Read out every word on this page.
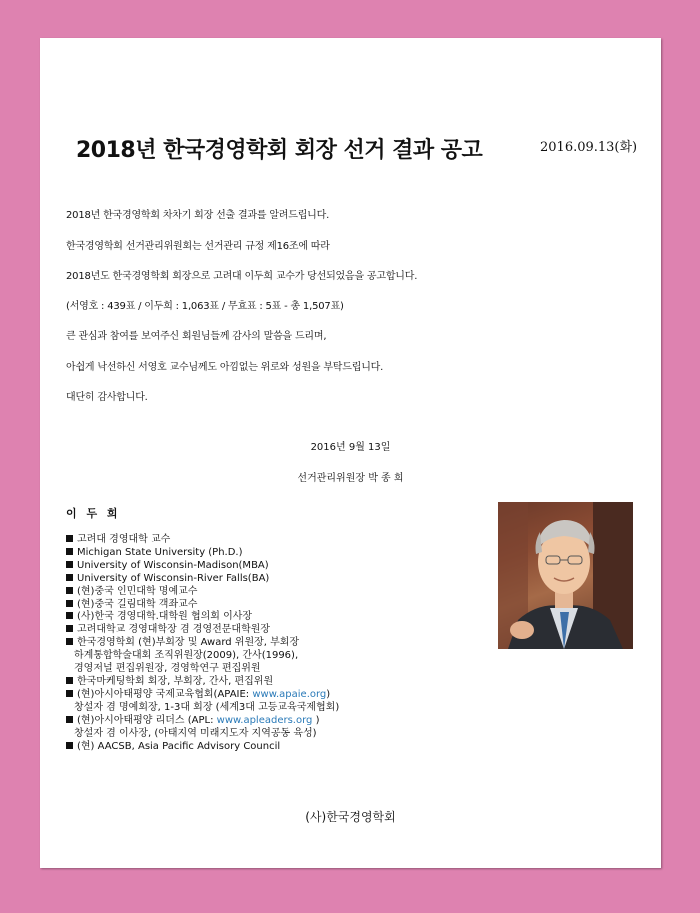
2018년 한국경영학회 회장 선거 결과 공고	2016.09.13(화)
2018년 한국경영학회 차차기 회장 선출 결과를 알려드립니다.
한국경영학회 선거관리위원회는 선거관리 규정 제16조에 따라
2018년도 한국경영학회 회장으로 고려대 이두희 교수가 당선되었음을 공고합니다.
(서영호 : 439표 / 이두희 : 1,063표 / 무효표 : 5표 - 총 1,507표)
큰 관심과 참여를 보여주신 회원님들께 감사의 말씀을 드리며,
아쉽게 낙선하신 서영호 교수님께도 아낌없는 위로와 성원을 부탁드립니다.
대단히 감사합니다.
2016년 9월 13일
선거관리위원장 박 종 희
이 두 희
고려대 경영대학 교수
Michigan State University (Ph.D.)
University of Wisconsin-Madison(MBA)
University of Wisconsin-River Falls(BA)
(현)중국 인민대학 명예교수
(현)중국 길림대학 객좌교수
(사)한국 경영대학.대학원 협의회 이사장
고려대학교 경영대학장 겸 경영전문대학원장
한국경영학회 (현)부회장 및 Award 위원장, 부회장
하계통합학술대회 조직위원장(2009), 간사(1996),
경영저널 편집위원장, 경영학연구 편집위원
한국마케팅학회 회장, 부회장, 간사, 편집위원
(현)아시아태평양 국제교육협회(APAIE: www.apaie.org)
창설자 겸 명예회장, 1-3대 회장 (세계3대 고등교육국제협회)
(현)아시아태평양 리더스 (APL: www.apleaders.org )
창설자 겸 이사장, (아태지역 미래지도자 지역공동 육성)
(현) AACSB, Asia Pacific Advisory Council
(사)한국경영학회
